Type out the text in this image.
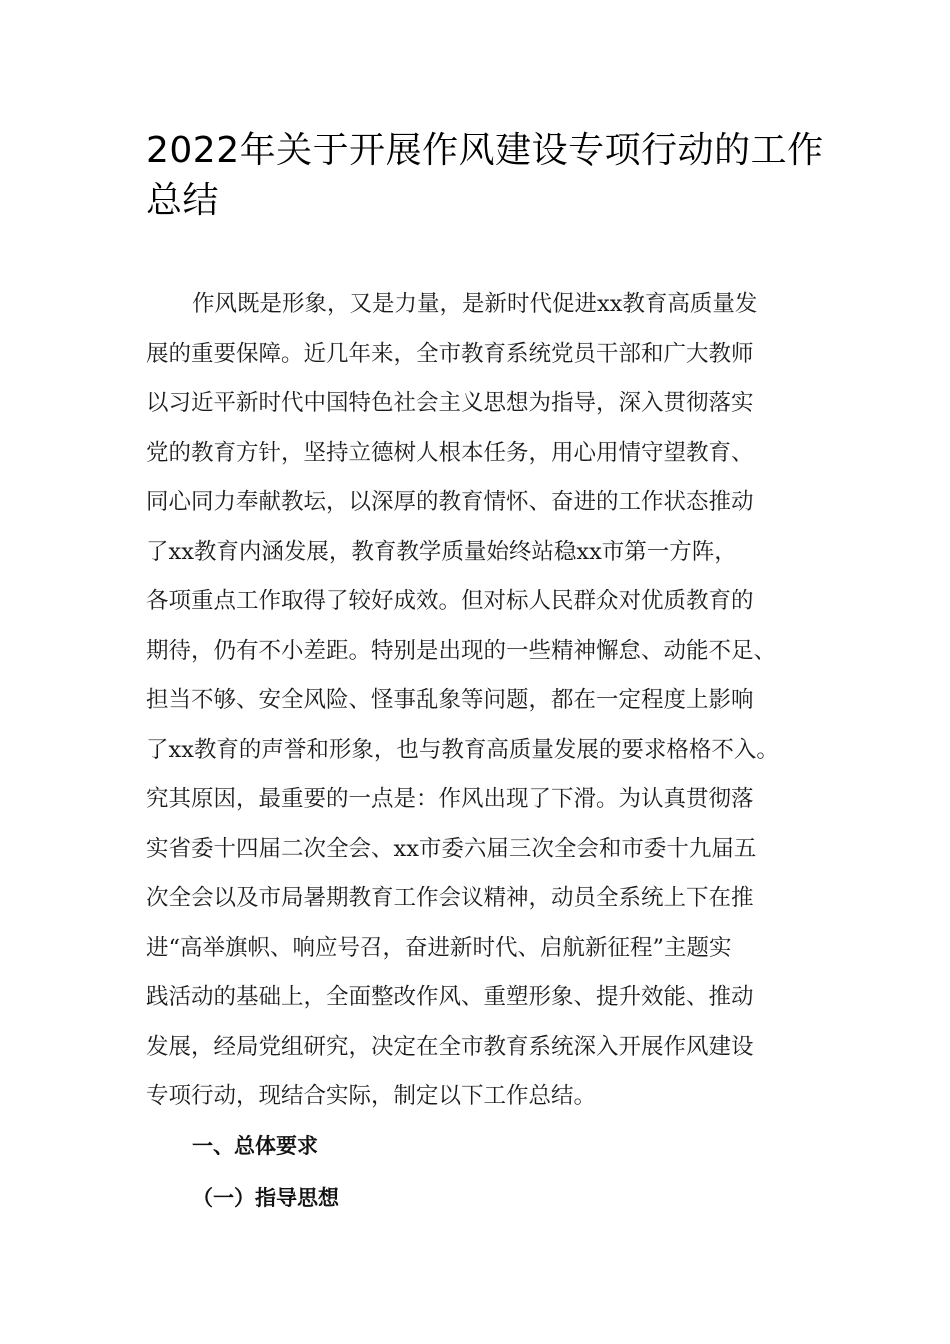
2022年关于开展作风建设专项行动的工作
总结
作风既是形象，又是力量，是新时代促进xx教育高质量发
展的重要保障。近几年来，全市教育系统党员干部和广大教师
以习近平新时代中国特色社会主义思想为指导，深入贯彻落实
党的教育方针，坚持立德树人根本任务，用心用情守望教育、
同心同力奉献教坛，以深厚的教育情怀、奋进的工作状态推动
了xx教育内涵发展，教育教学质量始终站稳xx市第一方阵，
各项重点工作取得了较好成效。但对标人民群众对优质教育的
期待，仍有不小差距。特别是出现的一些精神懈怠、动能不足、
担当不够、安全风险、怪事乱象等问题，都在一定程度上影响
了xx教育的声誉和形象，也与教育高质量发展的要求格格不入。
究其原因，最重要的一点是：作风出现了下滑。为认真贯彻落
实省委十四届二次全会、xx市委六届三次全会和市委十九届五
次全会以及市局暑期教育工作会议精神，动员全系统上下在推
进“高举旗帜、响应号召，奋进新时代、启航新征程”主题实
践活动的基础上，全面整改作风、重塑形象、提升效能、推动
发展，经局党组研究，决定在全市教育系统深入开展作风建设
专项行动，现结合实际，制定以下工作总结。
一、总体要求
（一）指导思想
